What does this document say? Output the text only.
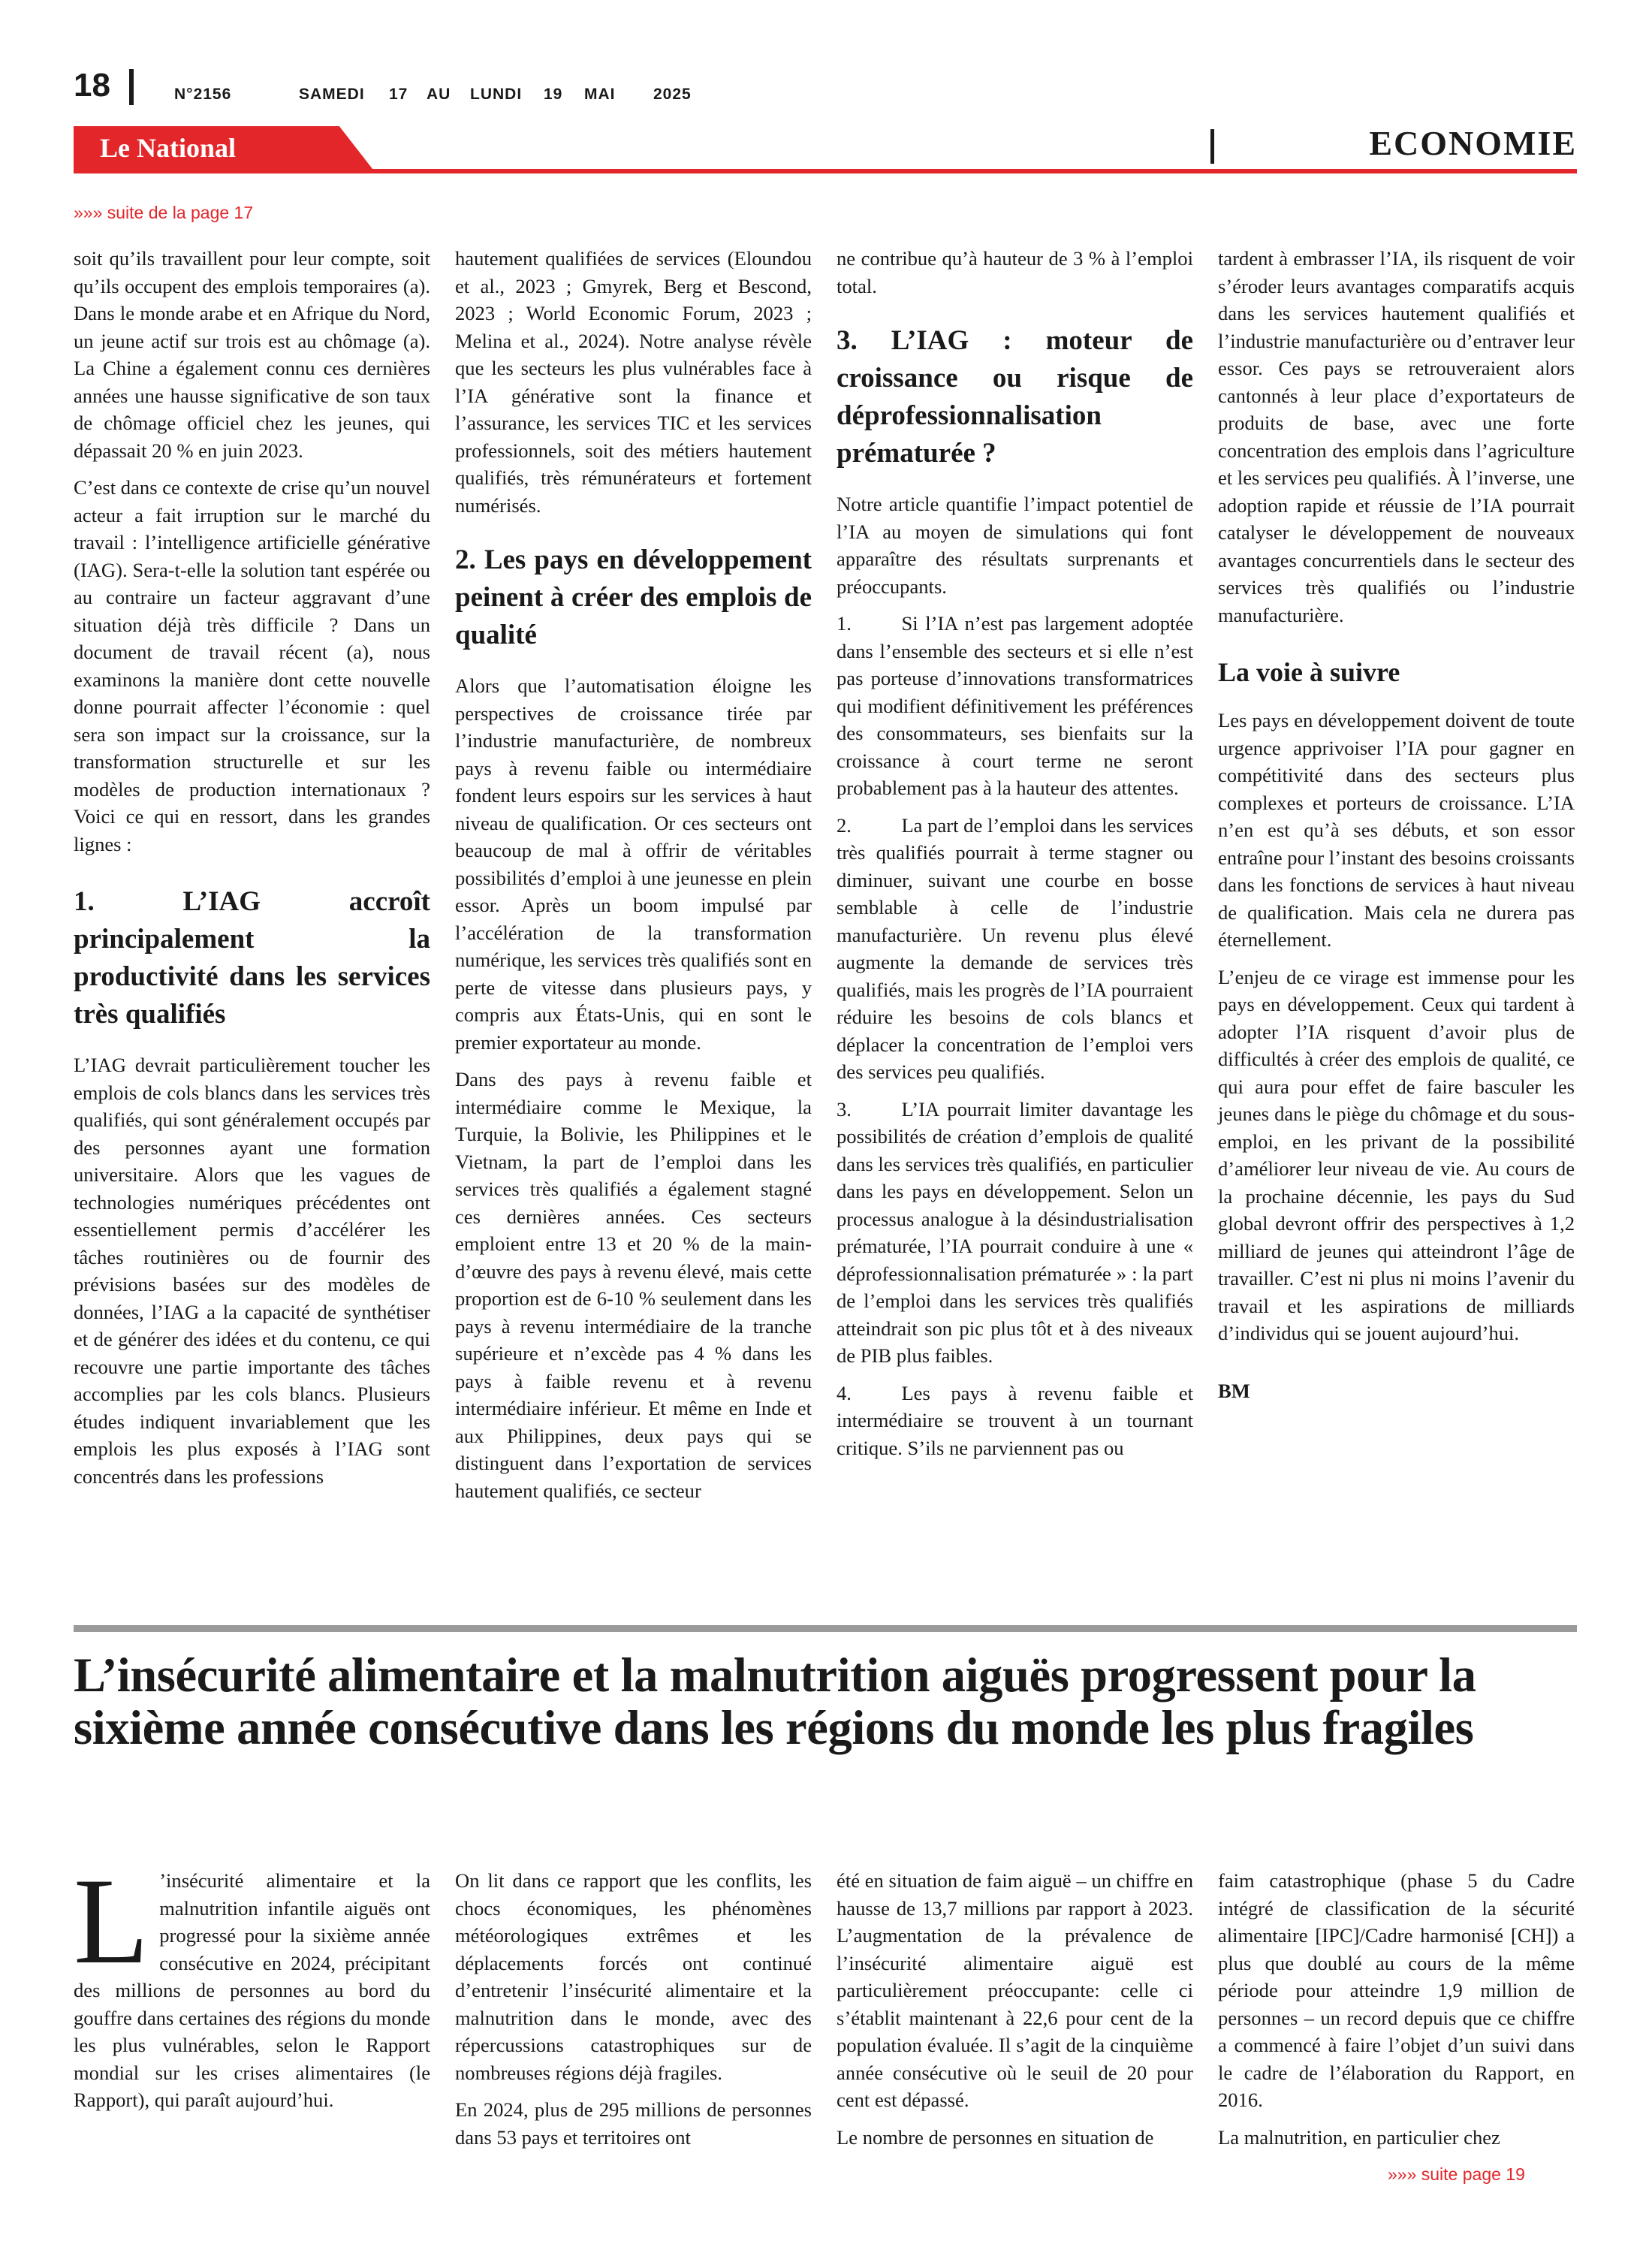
18	N°2156	SAMEDI 17 AU LUNDI 19 MAI 2025
Le National	ECONOMIE
»»» suite de la page 17

soit qu’ils travaillent pour leur compte, soit qu’ils occupent des emplois temporaires (a). Dans le monde arabe et en Afrique du Nord, un jeune actif sur trois est au chômage (a). La Chine a également connu ces dernières années une hausse significative de son taux de chômage officiel chez les jeunes, qui dépassait 20 % en juin 2023.

C’est dans ce contexte de crise qu’un nouvel acteur a fait irruption sur le marché du travail : l’intelligence artificielle générative (IAG). Sera-t-elle la solution tant espérée ou au contraire un facteur aggravant d’une situation déjà très difficile ? Dans un document de travail récent (a), nous examinons la manière dont cette nouvelle donne pourrait affecter l’économie : quel sera son impact sur la croissance, sur la transformation structurelle et sur les modèles de production internationaux ? Voici ce qui en ressort, dans les grandes lignes :

1. L’IAG accroît principalement la productivité dans les services très qualifiés

L’IAG devrait particulièrement toucher les emplois de cols blancs dans les services très qualifiés, qui sont généralement occupés par des personnes ayant une formation universitaire. Alors que les vagues de technologies numériques précédentes ont essentiellement permis d’accélérer les tâches routinières ou de fournir des prévisions basées sur des modèles de données, l’IAG a la capacité de synthétiser et de générer des idées et du contenu, ce qui recouvre une partie importante des tâches accomplies par les cols blancs. Plusieurs études indiquent invariablement que les emplois les plus exposés à l’IAG sont concentrés dans les professions

hautement qualifiées de services (Eloundou et al., 2023 ; Gmyrek, Berg et Bescond, 2023 ; World Economic Forum, 2023 ; Melina et al., 2024). Notre analyse révèle que les secteurs les plus vulnérables face à l’IA générative sont la finance et l’assurance, les services TIC et les services professionnels, soit des métiers hautement qualifiés, très rémunérateurs et fortement numérisés.

2. Les pays en développement peinent à créer des emplois de qualité

Alors que l’automatisation éloigne les perspectives de croissance tirée par l’industrie manufacturière, de nombreux pays à revenu faible ou intermédiaire fondent leurs espoirs sur les services à haut niveau de qualification. Or ces secteurs ont beaucoup de mal à offrir de véritables possibilités d’emploi à une jeunesse en plein essor. Après un boom impulsé par l’accélération de la transformation numérique, les services très qualifiés sont en perte de vitesse dans plusieurs pays, y compris aux États-Unis, qui en sont le premier exportateur au monde.

Dans des pays à revenu faible et intermédiaire comme le Mexique, la Turquie, la Bolivie, les Philippines et le Vietnam, la part de l’emploi dans les services très qualifiés a également stagné ces dernières années. Ces secteurs emploient entre 13 et 20 % de la main-d’œuvre des pays à revenu élevé, mais cette proportion est de 6-10 % seulement dans les pays à revenu intermédiaire de la tranche supérieure et n’excède pas 4 % dans les pays à faible revenu et à revenu intermédiaire inférieur. Et même en Inde et aux Philippines, deux pays qui se distinguent dans l’exportation de services hautement qualifiés, ce secteur

ne contribue qu’à hauteur de 3 % à l’emploi total.

3. L’IAG : moteur de croissance ou risque de déprofessionnalisation prématurée ?

Notre article quantifie l’impact potentiel de l’IA au moyen de simulations qui font apparaître des résultats surprenants et préoccupants.

1.    Si l’IA n’est pas largement adoptée dans l’ensemble des secteurs et si elle n’est pas porteuse d’innovations transformatrices qui modifient définitivement les préférences des consommateurs, ses bienfaits sur la croissance à court terme ne seront probablement pas à la hauteur des attentes.

2.    La part de l’emploi dans les services très qualifiés pourrait à terme stagner ou diminuer, suivant une courbe en bosse semblable à celle de l’industrie manufacturière. Un revenu plus élevé augmente la demande de services très qualifiés, mais les progrès de l’IA pourraient réduire les besoins de cols blancs et déplacer la concentration de l’emploi vers des services peu qualifiés.

3.    L’IA pourrait limiter davantage les possibilités de création d’emplois de qualité dans les services très qualifiés, en particulier dans les pays en développement. Selon un processus analogue à la désindustrialisation prématurée, l’IA pourrait conduire à une « déprofessionnalisation prématurée » : la part de l’emploi dans les services très qualifiés atteindrait son pic plus tôt et à des niveaux de PIB plus faibles.

4.    Les pays à revenu faible et intermédiaire se trouvent à un tournant critique. S’ils ne parviennent pas ou

tardent à embrasser l’IA, ils risquent de voir s’éroder leurs avantages comparatifs acquis dans les services hautement qualifiés et l’industrie manufacturière ou d’entraver leur essor. Ces pays se retrouveraient alors cantonnés à leur place d’exportateurs de produits de base, avec une forte concentration des emplois dans l’agriculture et les services peu qualifiés. À l’inverse, une adoption rapide et réussie de l’IA pourrait catalyser le développement de nouveaux avantages concurrentiels dans le secteur des services très qualifiés ou l’industrie manufacturière.

La voie à suivre

Les pays en développement doivent de toute urgence apprivoiser l’IA pour gagner en compétitivité dans des secteurs plus complexes et porteurs de croissance. L’IA n’en est qu’à ses débuts, et son essor entraîne pour l’instant des besoins croissants dans les fonctions de services à haut niveau de qualification. Mais cela ne durera pas éternellement.

L’enjeu de ce virage est immense pour les pays en développement. Ceux qui tardent à adopter l’IA risquent d’avoir plus de difficultés à créer des emplois de qualité, ce qui aura pour effet de faire basculer les jeunes dans le piège du chômage et du sous-emploi, en les privant de la possibilité d’améliorer leur niveau de vie. Au cours de la prochaine décennie, les pays du Sud global devront offrir des perspectives à 1,2 milliard de jeunes qui atteindront l’âge de travailler. C’est ni plus ni moins l’avenir du travail et les aspirations de milliards d’individus qui se jouent aujourd’hui.

BM

L’insécurité alimentaire et la malnutrition aiguës progressent pour la sixième année consécutive dans les régions du monde les plus fragiles

L ’insécurité alimentaire et la malnutrition infantile aiguës ont progressé pour la sixième année consécutive en 2024, précipitant des millions de personnes au bord du gouffre dans certaines des régions du monde les plus vulnérables, selon le Rapport mondial sur les crises alimentaires (le Rapport), qui paraît aujourd’hui.

On lit dans ce rapport que les conflits, les chocs économiques, les phénomènes météorologiques extrêmes et les déplacements forcés ont continué d’entretenir l’insécurité alimentaire et la malnutrition dans le monde, avec des répercussions catastrophiques sur de nombreuses régions déjà fragiles.

En 2024, plus de 295 millions de personnes dans 53 pays et territoires ont

été en situation de faim aiguë – un chiffre en hausse de 13,7 millions par rapport à 2023. L’augmentation de la prévalence de l’insécurité alimentaire aiguë est particulièrement préoccupante: celle ci s’établit maintenant à 22,6 pour cent de la population évaluée. Il s’agit de la cinquième année consécutive où le seuil de 20 pour cent est dépassé.

Le nombre de personnes en situation de

faim catastrophique (phase 5 du Cadre intégré de classification de la sécurité alimentaire [IPC]/Cadre harmonisé [CH]) a plus que doublé au cours de la même période pour atteindre 1,9 million de personnes – un record depuis que ce chiffre a commencé à faire l’objet d’un suivi dans le cadre de l’élaboration du Rapport, en 2016.

La malnutrition, en particulier chez

»»» suite page 19
